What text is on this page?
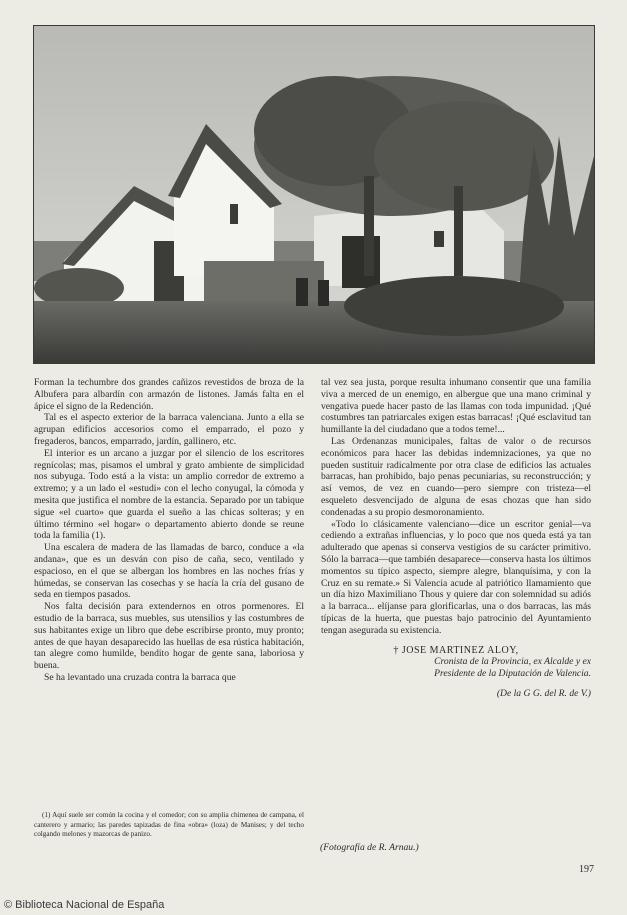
Forman la techumbre dos grandes cañizos revestidos de broza de la Albufera para albardín con armazón de listones. Jamás falta en el ápice el signo de la Redención.

Tal es el aspecto exterior de la barraca valenciana. Junto a ella se agrupan edificios accesorios como el emparrado, el pozo y fregaderos, bancos, emparrado, jardín, gallinero, etc.

El interior es un arcano a juzgar por el silencio de los escritores regnícolas; mas, pisamos el umbral y grato ambiente de simplicidad nos subyuga. Todo está a la vista: un amplio corredor de extremo a extremo; y a un lado el «estudi» con el lecho conyugal, la cómoda y mesita que justifica el nombre de la estancia. Separado por un tabique sigue «el cuarto» que guarda el sueño a las chicas solteras; y en último término «el hogar» o departamento abierto donde se reune toda la familia (1).

Una escalera de madera de las llamadas de barco, conduce a «la andana», que es un desván con piso de caña, seco, ventilado y espacioso, en el que se albergan los hombres en las noches frías y húmedas, se conservan las cosechas y se hacía la cría del gusano de seda en tiempos pasados.

Nos falta decisión para extendernos en otros pormenores. El estudio de la barraca, sus muebles, sus utensilios y las costumbres de sus habitantes exige un libro que debe escribirse pronto, muy pronto; antes de que hayan desaparecido las huellas de esa rústica habitación, tan alegre como humilde, bendito hogar de gente sana, laboriosa y buena.

Se ha levantado una cruzada contra la barraca que

(1) Aquí suele ser común la cocina y el comedor; con su amplia chimenea de campana, el canterero y armario; las paredes tapizadas de fina «obra» (loza) de Manises; y del techo colgando melones y mazorcas de panizo.

tal vez sea justa, porque resulta inhumano consentir que una familia viva a merced de un enemigo, en albergue que una mano criminal y vengativa puede hacer pasto de las llamas con toda impunidad. ¡Qué costumbres tan patriarcales exigen estas barracas! ¡Qué esclavitud tan humillante la del ciudadano que a todos teme!...

Las Ordenanzas municipales, faltas de valor o de recursos económicos para hacer las debidas indemnizaciones, ya que no pueden sustituir radicalmente por otra clase de edificios las actuales barracas, han prohibido, bajo penas pecuniarias, su reconstrucción; y así vemos, de vez en cuando—pero siempre con tristeza—el esqueleto desvencijado de alguna de esas chozas que han sido condenadas a su propio desmoronamiento.

«Todo lo clásicamente valenciano—dice un escritor genial—va cediendo a extrañas influencias, y lo poco que nos queda está ya tan adulterado que apenas si conserva vestigios de su carácter primitivo. Sólo la barraca—que también desaparece—conserva hasta los últimos momentos su típico aspecto, siempre alegre, blanquísima, y con la Cruz en su remate.» Si Valencia acude al patriótico llamamiento que un día hizo Maximiliano Thous y quiere dar con solemnidad su adiós a la barraca... elíjanse para glorificarlas, una o dos barracas, las más típicas de la huerta, que puestas bajo patrocinio del Ayuntamiento tengan asegurada su existencia.

† JOSE MARTINEZ ALOY,
Cronista de la Provincia, ex Alcalde y ex
Presidente de la Diputación de Valencia.
(De la G G. del R. de V.)
(Fotografía de R. Arnau.)
197
© Biblioteca Nacional de España
